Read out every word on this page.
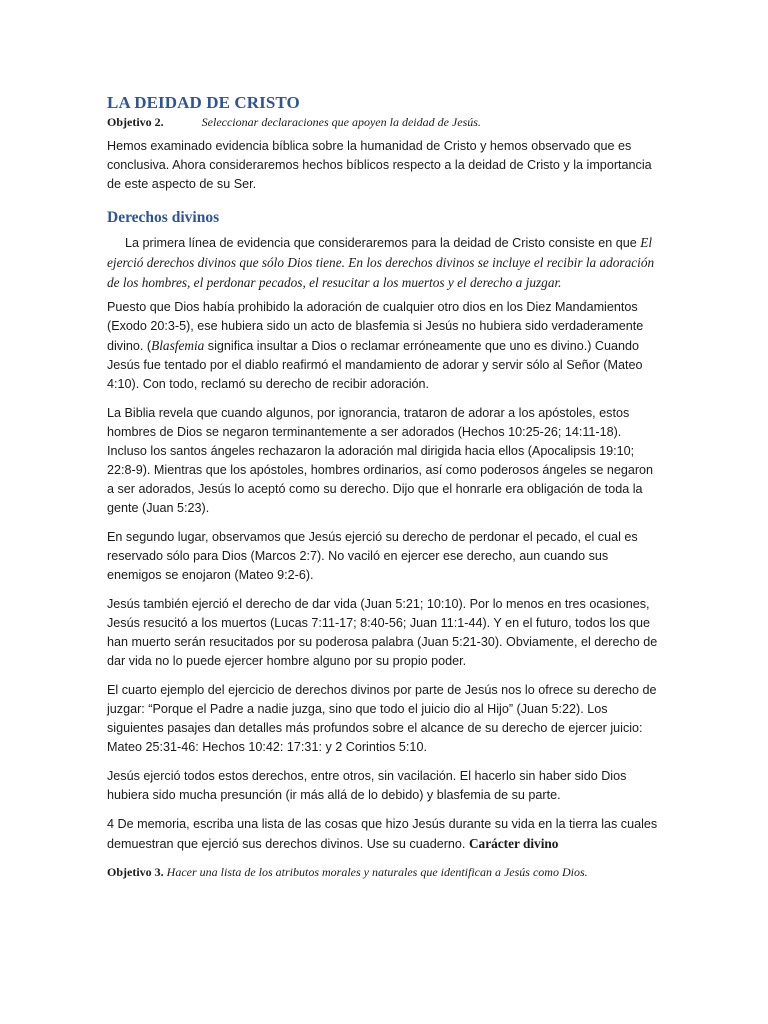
LA DEIDAD DE CRISTO

Objetivo 2.	Seleccionar declaraciones que apoyen la deidad de Jesús.

Hemos examinado evidencia bíblica sobre la humanidad de Cristo y hemos observado que es conclusiva. Ahora consideraremos hechos bíblicos respecto a la deidad de Cristo y la importancia de este aspecto de su Ser.

Derechos divinos

La primera línea de evidencia que consideraremos para la deidad de Cristo consiste en que El ejerció derechos divinos que sólo Dios tiene. En los derechos divinos se incluye el recibir la adoración de los hombres, el perdonar pecados, el resucitar a los muertos y el derecho a juzgar.

Puesto que Dios había prohibido la adoración de cualquier otro dios en los Diez Mandamientos (Exodo 20:3-5), ese hubiera sido un acto de blasfemia si Jesús no hubiera sido verdaderamente divino. (Blasfemia significa insultar a Dios o reclamar erróneamente que uno es divino.) Cuando Jesús fue tentado por el diablo reafirmó el mandamiento de adorar y servir sólo al Señor (Mateo 4:10). Con todo, reclamó su derecho de recibir adoración.

La Biblia revela que cuando algunos, por ignorancia, trataron de adorar a los apóstoles, estos hombres de Dios se negaron terminantemente a ser adorados (Hechos 10:25-26; 14:11-18). Incluso los santos ángeles rechazaron la adoración mal dirigida hacia ellos (Apocalipsis 19:10; 22:8-9). Mientras que los apóstoles, hombres ordinarios, así como poderosos ángeles se negaron a ser adorados, Jesús lo aceptó como su derecho. Dijo que el honrarle era obligación de toda la gente (Juan 5:23).

En segundo lugar, observamos que Jesús ejerció su derecho de perdonar el pecado, el cual es reservado sólo para Dios (Marcos 2:7). No vaciló en ejercer ese derecho, aun cuando sus enemigos se enojaron (Mateo 9:2-6).

Jesús también ejerció el derecho de dar vida (Juan 5:21; 10:10). Por lo menos en tres ocasiones, Jesús resucitó a los muertos (Lucas 7:11-17; 8:40-56; Juan 11:1-44). Y en el futuro, todos los que han muerto serán resucitados por su poderosa palabra (Juan 5:21-30). Obviamente, el derecho de dar vida no lo puede ejercer hombre alguno por su propio poder.

El cuarto ejemplo del ejercicio de derechos divinos por parte de Jesús nos lo ofrece su derecho de juzgar: “Porque el Padre a nadie juzga, sino que todo el juicio dio al Hijo” (Juan 5:22). Los siguientes pasajes dan detalles más profundos sobre el alcance de su derecho de ejercer juicio: Mateo 25:31-46: Hechos 10:42: 17:31: y 2 Corintios 5:10.

Jesús ejerció todos estos derechos, entre otros, sin vacilación. El hacerlo sin haber sido Dios hubiera sido mucha presunción (ir más allá de lo debido) y blasfemia de su parte.

4 De memoria, escriba una lista de las cosas que hizo Jesús durante su vida en la tierra las cuales demuestran que ejerció sus derechos divinos. Use su cuaderno. Carácter divino

Objetivo 3. Hacer una lista de los atributos morales y naturales que identifican a Jesús como Dios.
